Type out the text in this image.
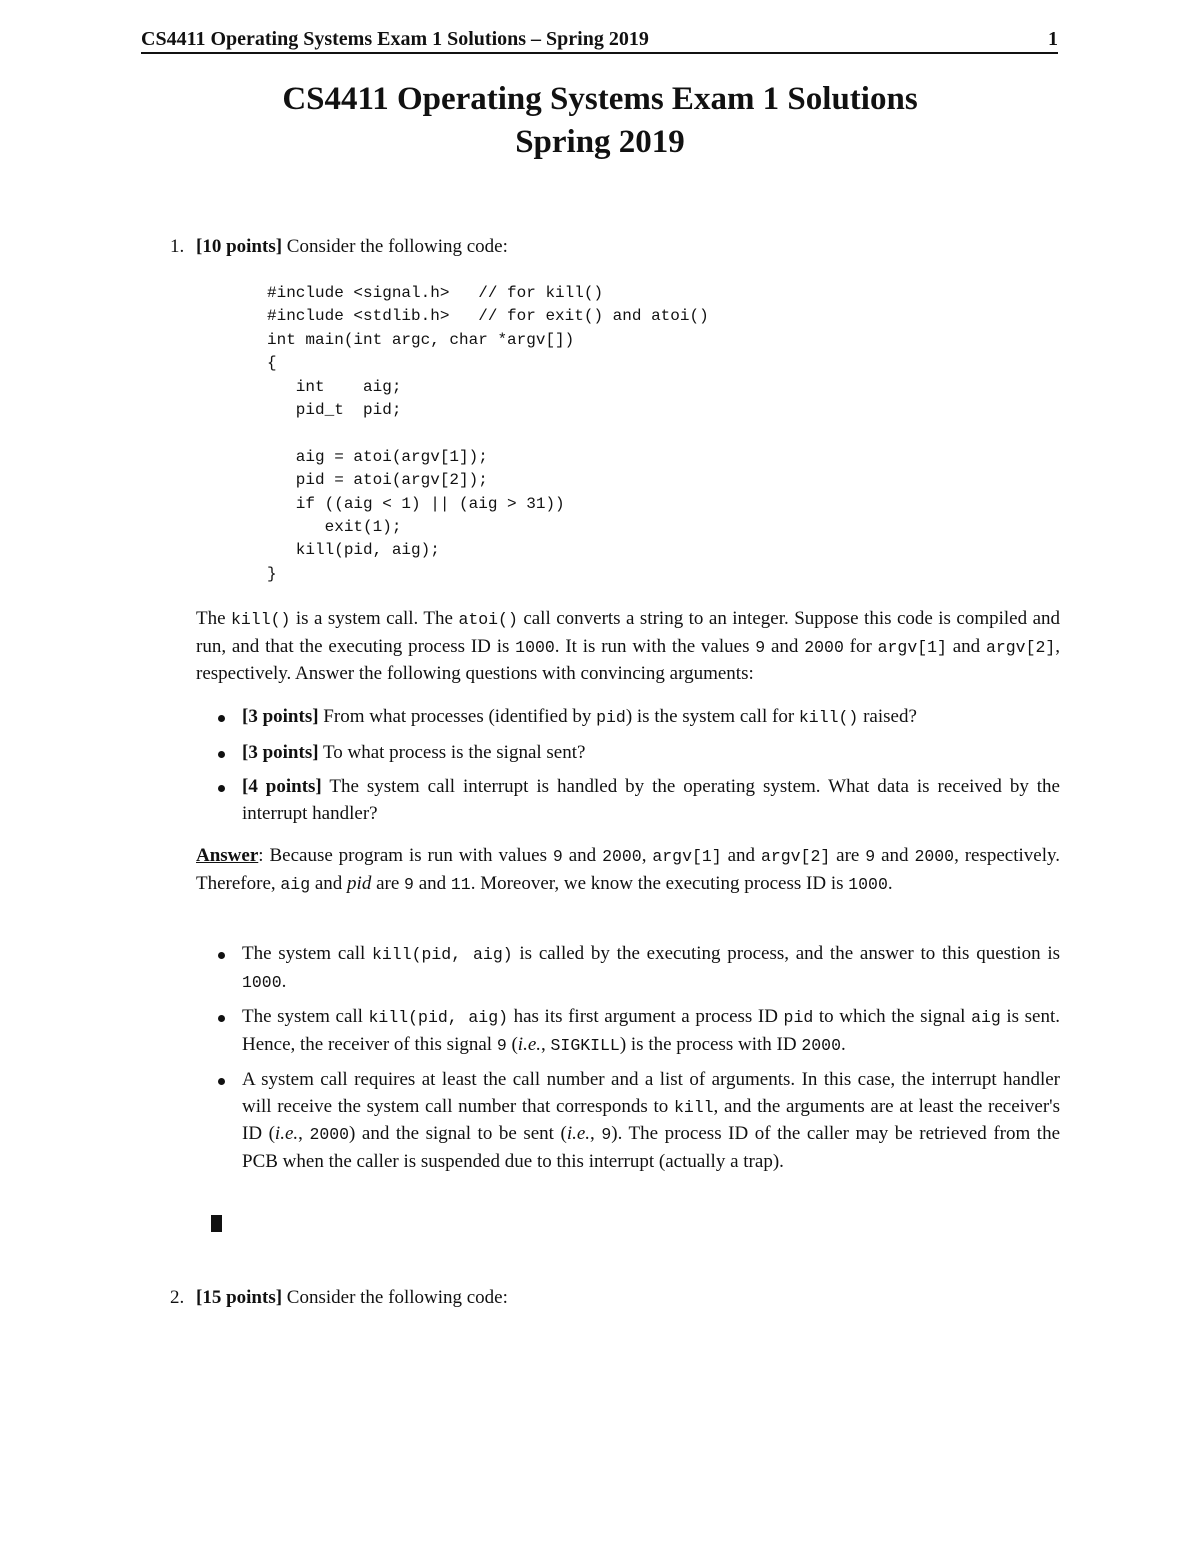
CS4411 Operating Systems Exam 1 Solutions – Spring 2019	1
CS4411 Operating Systems Exam 1 Solutions
Spring 2019
1. [10 points] Consider the following code:
#include <signal.h>   // for kill()
#include <stdlib.h>   // for exit() and atoi()
int main(int argc, char *argv[])
{
int    aig;
pid_t  pid;

aig = atoi(argv[1]);
pid = atoi(argv[2]);
if ((aig < 1) || (aig > 31))
exit(1);
kill(pid, aig);
}
The kill() is a system call. The atoi() call converts a string to an integer. Suppose this code is compiled and run, and that the executing process ID is 1000. It is run with the values 9 and 2000 for argv[1] and argv[2], respectively. Answer the following questions with convincing arguments:
[3 points] From what processes (identified by pid) is the system call for kill() raised?
[3 points] To what process is the signal sent?
[4 points] The system call interrupt is handled by the operating system. What data is received by the interrupt handler?
Answer: Because program is run with values 9 and 2000, argv[1] and argv[2] are 9 and 2000, respectively. Therefore, aig and pid are 9 and 11. Moreover, we know the executing process ID is 1000.
The system call kill(pid, aig) is called by the executing process, and the answer to this question is 1000.
The system call kill(pid, aig) has its first argument a process ID pid to which the signal aig is sent. Hence, the receiver of this signal 9 (i.e., SIGKILL) is the process with ID 2000.
A system call requires at least the call number and a list of arguments. In this case, the interrupt handler will receive the system call number that corresponds to kill, and the arguments are at least the receiver's ID (i.e., 2000) and the signal to be sent (i.e., 9). The process ID of the caller may be retrieved from the PCB when the caller is suspended due to this interrupt (actually a trap).
2. [15 points] Consider the following code:
